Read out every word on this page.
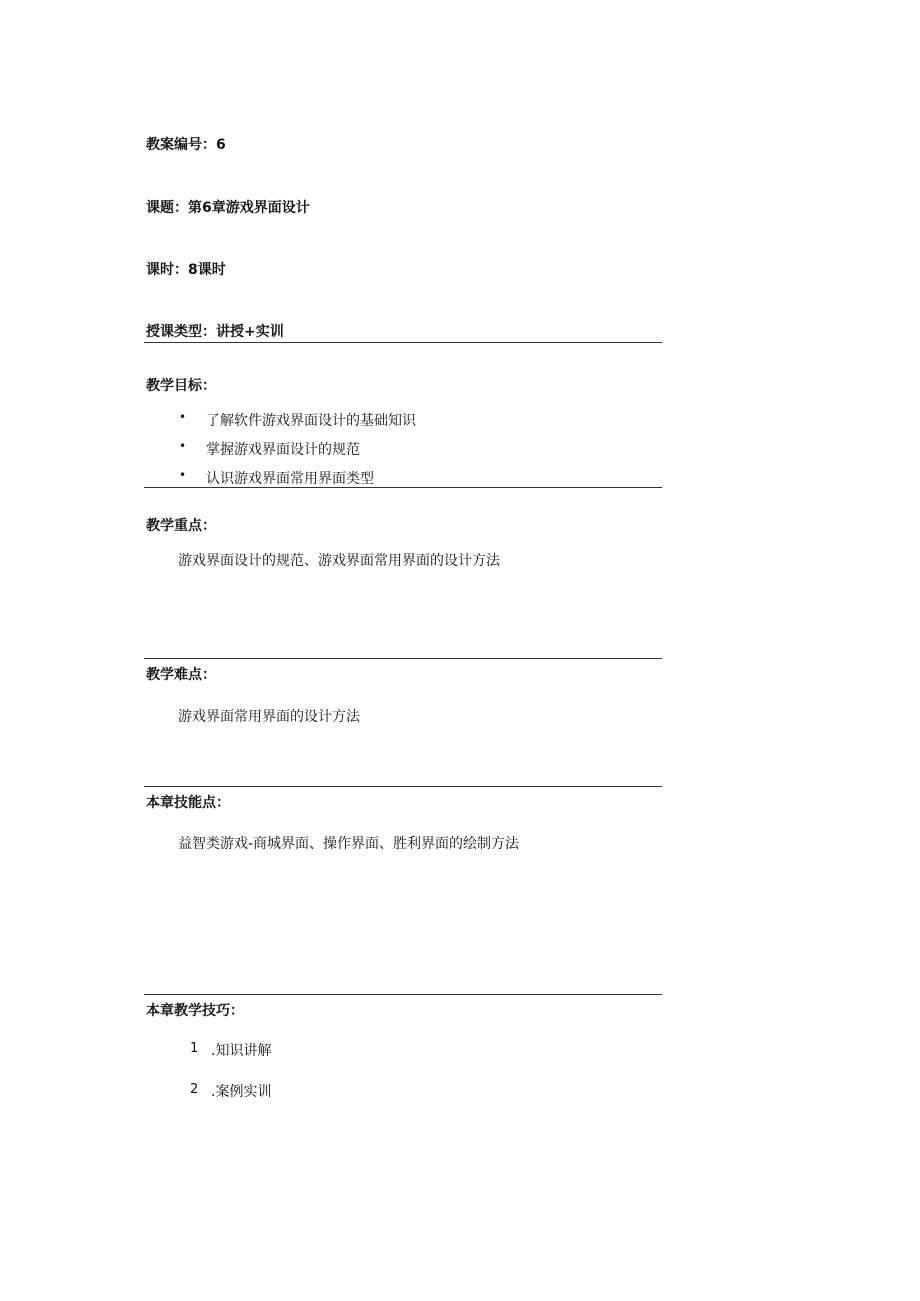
教案编号：6
课题：第6章游戏界面设计
课时：8课时
授课类型：讲授+实训
教学目标：
• 了解软件游戏界面设计的基础知识
• 掌握游戏界面设计的规范
• 认识游戏界面常用界面类型
教学重点：
游戏界面设计的规范、游戏界面常用界面的设计方法
教学难点：
游戏界面常用界面的设计方法
本章技能点：
益智类游戏-商城界面、操作界面、胜利界面的绘制方法
本章教学技巧：
1 .知识讲解
2 .案例实训
